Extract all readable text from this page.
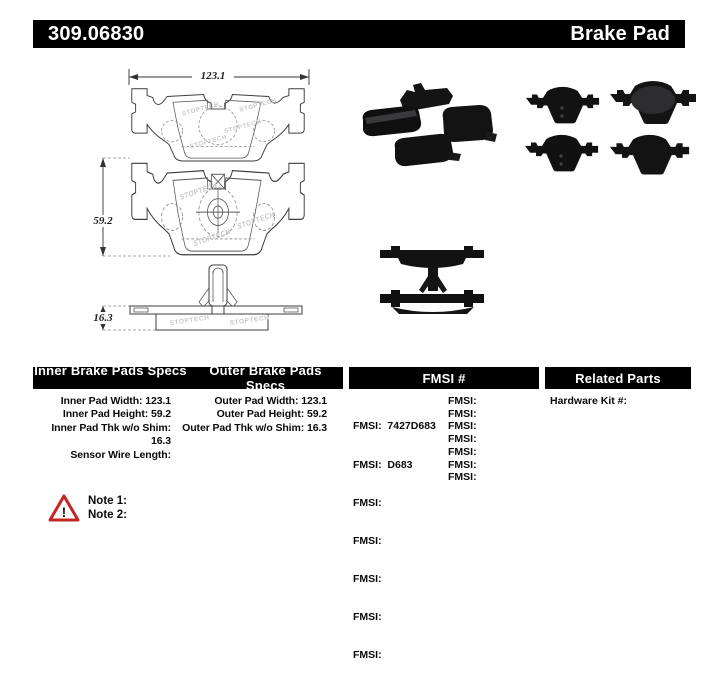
309.06830	Brake Pad
123.1
STOPTECH
STOPTECH
STOPTECH
STOPTECH
59.2
STOPTECH
STOPTECH
STOPTECH
16.3	STOPTECH	STOPTECH
Inner Brake Pads Specs	Outer Brake Pads Specs	FMSI #	Related Parts
Inner Pad Width: 123.1
Inner Pad Height: 59.2
Inner Pad Thk w/o Shim: 16.3
Sensor Wire Length:
Outer Pad Width: 123.1
Outer Pad Height: 59.2
Outer Pad Thk w/o Shim: 16.3

FMSI:  7427D683

FMSI:  D683

FMSI:

FMSI:

FMSI:

FMSI:

FMSI:

FMSI:
FMSI:
FMSI:
FMSI:
FMSI:
FMSI:
FMSI:
Hardware Kit #:
!
Note 1:
Note 2:
